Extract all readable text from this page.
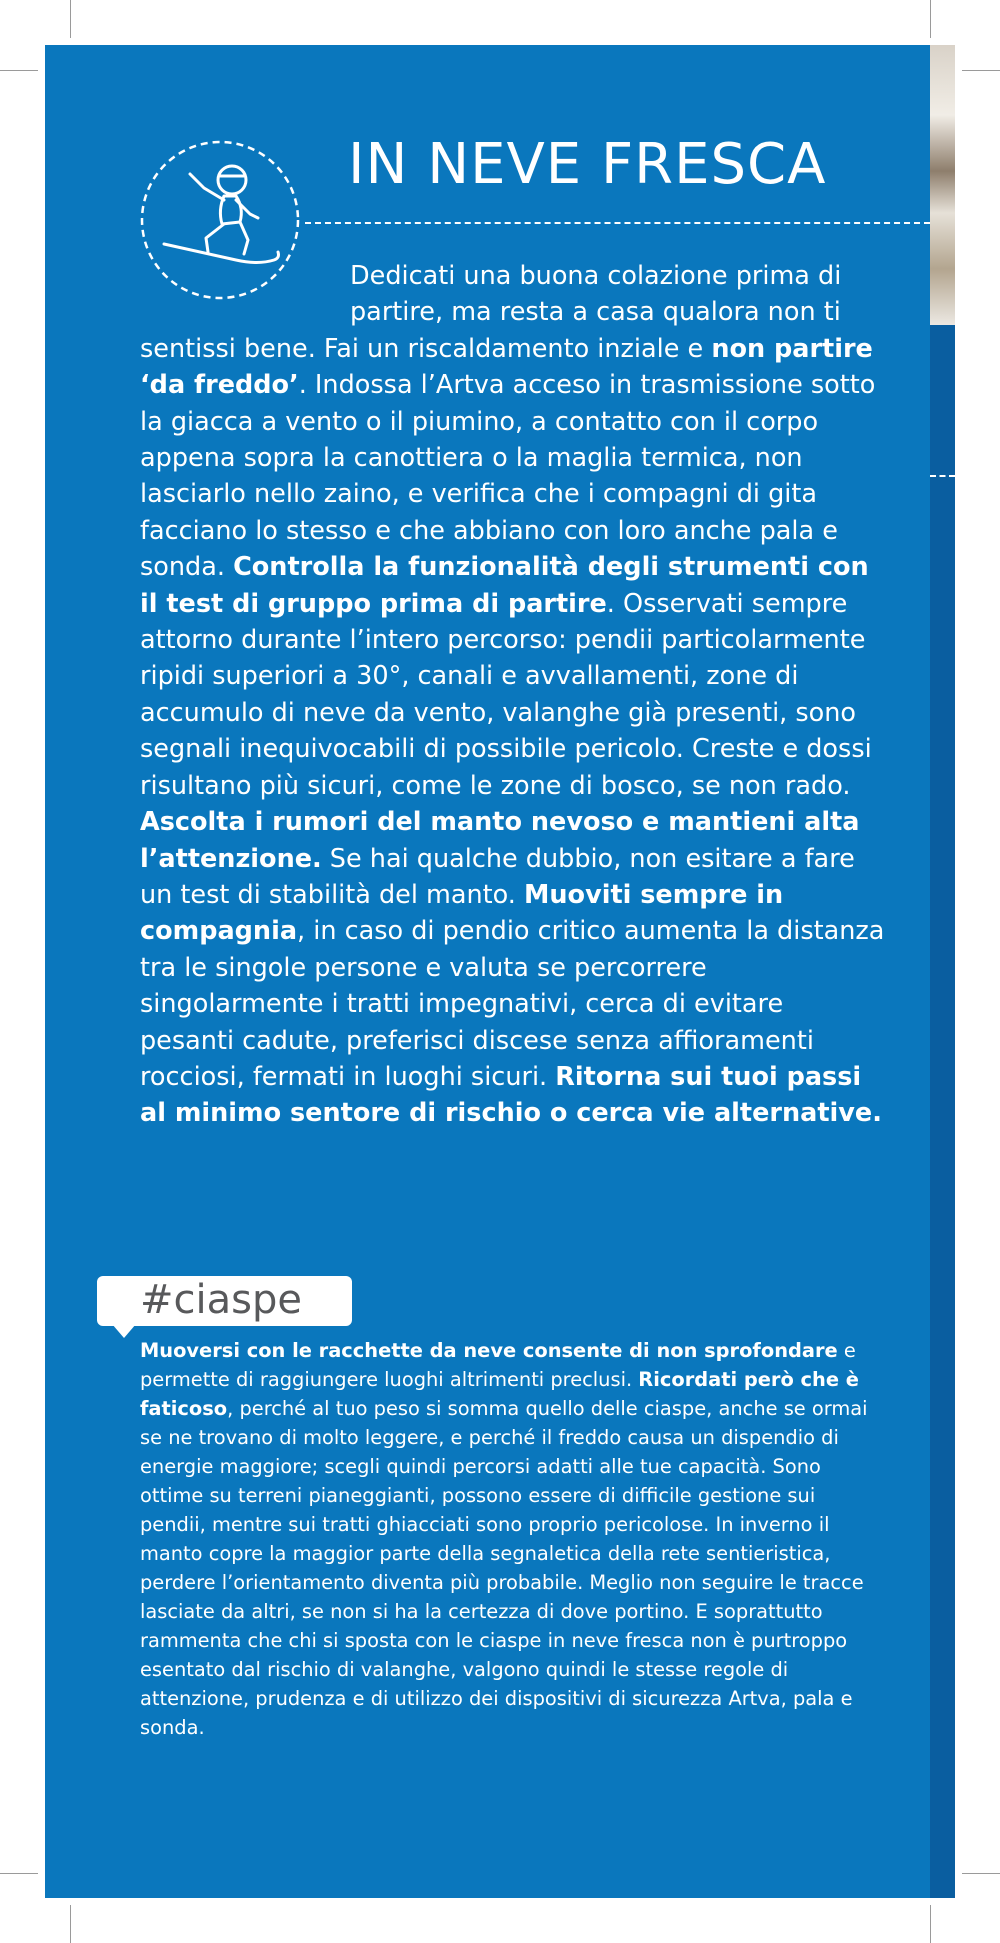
IN NEVE FRESCA

Dedicati una buona colazione prima di partire, ma resta a casa qualora non ti sentissi bene. Fai un riscaldamento inziale e non partire ‘da freddo’. Indossa l’Artva acceso in trasmissione sotto la giacca a vento o il piumino, a contatto con il corpo appena sopra la canottiera o la maglia termica, non lasciarlo nello zaino, e verifica che i compagni di gita facciano lo stesso e che abbiano con loro anche pala e sonda. Controlla la funzionalità degli strumenti con il test di gruppo prima di partire. Osservati sempre attorno durante l’intero percorso: pendii particolarmente ripidi superiori a 30°, canali e avvallamenti, zone di accumulo di neve da vento, valanghe già presenti, sono segnali inequivocabili di possibile pericolo. Creste e dossi risultano più sicuri, come le zone di bosco, se non rado. Ascolta i rumori del manto nevoso e mantieni alta l’attenzione. Se hai qualche dubbio, non esitare a fare un test di stabilità del manto. Muoviti sempre in compagnia, in caso di pendio critico aumenta la distanza tra le singole persone e valuta se percorrere singolarmente i tratti impegnativi, cerca di evitare pesanti cadute, preferisci discese senza affioramenti rocciosi, fermati in luoghi sicuri. Ritorna sui tuoi passi al minimo sentore di rischio o cerca vie alternative.

#ciaspe

Muoversi con le racchette da neve consente di non sprofondare e permette di raggiungere luoghi altrimenti preclusi. Ricordati però che è faticoso, perché al tuo peso si somma quello delle ciaspe, anche se ormai se ne trovano di molto leggere, e perché il freddo causa un dispendio di energie maggiore; scegli quindi percorsi adatti alle tue capacità. Sono ottime su terreni pianeggianti, possono essere di difficile gestione sui pendii, mentre sui tratti ghiacciati sono proprio pericolose. In inverno il manto copre la maggior parte della segnaletica della rete sentieristica, perdere l’orientamento diventa più probabile. Meglio non seguire le tracce lasciate da altri, se non si ha la certezza di dove portino. E soprattutto rammenta che chi si sposta con le ciaspe in neve fresca non è purtroppo esentato dal rischio di valanghe, valgono quindi le stesse regole di attenzione, prudenza e di utilizzo dei dispositivi di sicurezza Artva, pala e sonda.
